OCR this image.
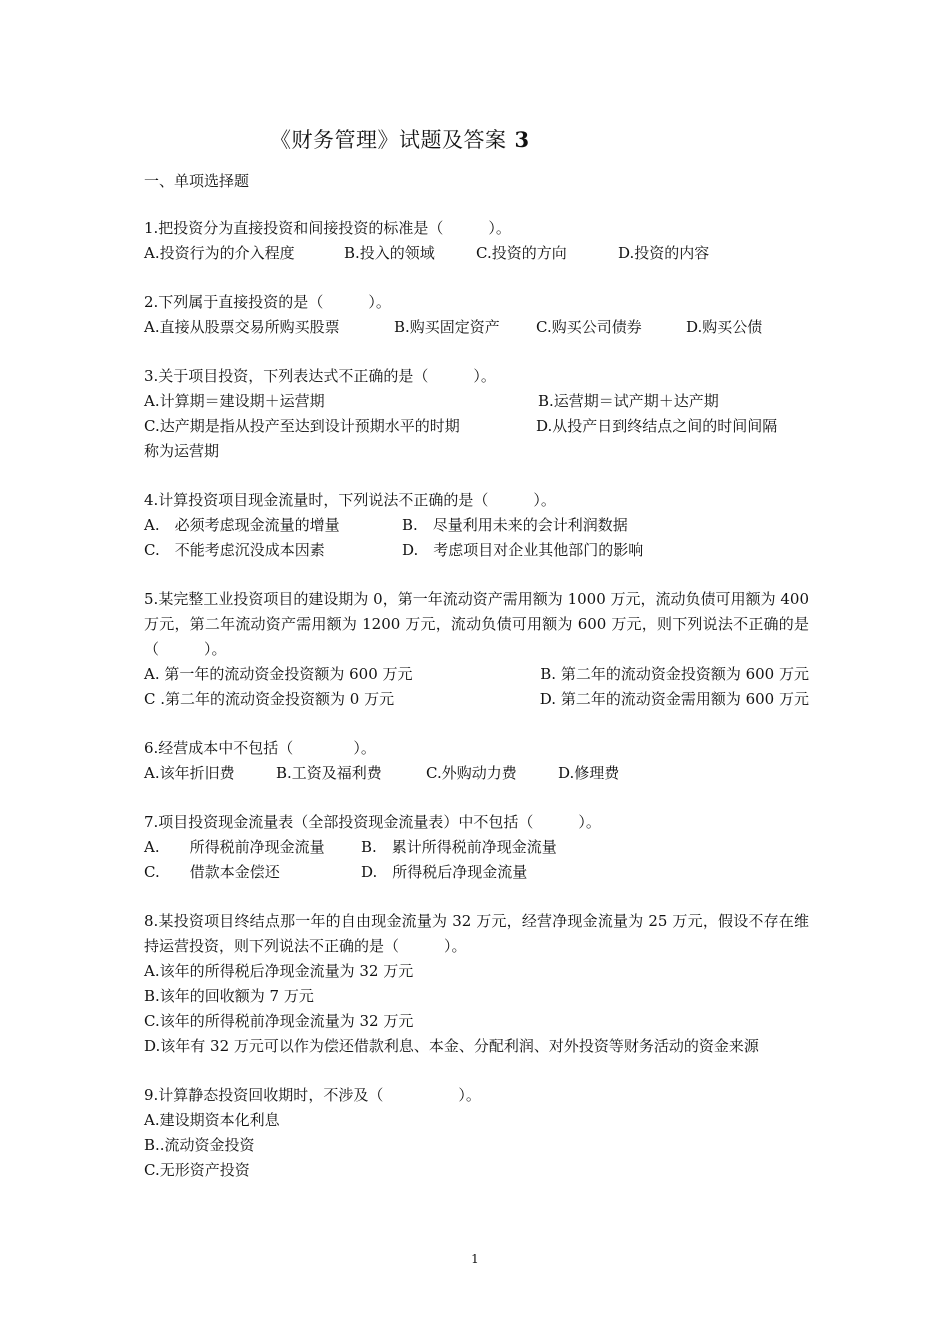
《财务管理》试题及答案 3
一、单项选择题
1.把投资分为直接投资和间接投资的标准是（　　　）。
A.投资行为的介入程度	B.投入的领域	C.投资的方向	D.投资的内容
2.下列属于直接投资的是（　　　）。
A.直接从股票交易所购买股票	B.购买固定资产	C.购买公司债券	D.购买公债
3.关于项目投资，下列表达式不正确的是（　　　）。
A.计算期＝建设期＋运营期	B.运营期＝试产期＋达产期
C.达产期是指从投产至达到设计预期水平的时期	D.从投产日到终结点之间的时间间隔
称为运营期
4.计算投资项目现金流量时，下列说法不正确的是（　　　）。
A.　必须考虑现金流量的增量	B.　尽量利用未来的会计利润数据
C.　不能考虑沉没成本因素	D.　考虑项目对企业其他部门的影响
5.某完整工业投资项目的建设期为 0，第一年流动资产需用额为 1000 万元，流动负债可用额为 400 万元，第二年流动资产需用额为 1200 万元，流动负债可用额为 600 万元，则下列说法不正确的是（　　　）。
A. 第一年的流动资金投资额为 600 万元	B. 第二年的流动资金投资额为 600 万元
C .第二年的流动资金投资额为 0 万元	D. 第二年的流动资金需用额为 600 万元
6.经营成本中不包括（　　　　）。
A.该年折旧费	B.工资及福利费	C.外购动力费	D.修理费
7.项目投资现金流量表（全部投资现金流量表）中不包括（　　　）。
A.　　所得税前净现金流量	B.　累计所得税前净现金流量
C.　　借款本金偿还	D.　所得税后净现金流量
8.某投资项目终结点那一年的自由现金流量为 32 万元，经营净现金流量为 25 万元，假设不存在维持运营投资，则下列说法不正确的是（　　　）。
A.该年的所得税后净现金流量为 32 万元
B.该年的回收额为 7 万元
C.该年的所得税前净现金流量为 32 万元
D.该年有 32 万元可以作为偿还借款利息、本金、分配利润、对外投资等财务活动的资金来源
9.计算静态投资回收期时，不涉及（　　　　　）。
A.建设期资本化利息
B..流动资金投资
C.无形资产投资
1
